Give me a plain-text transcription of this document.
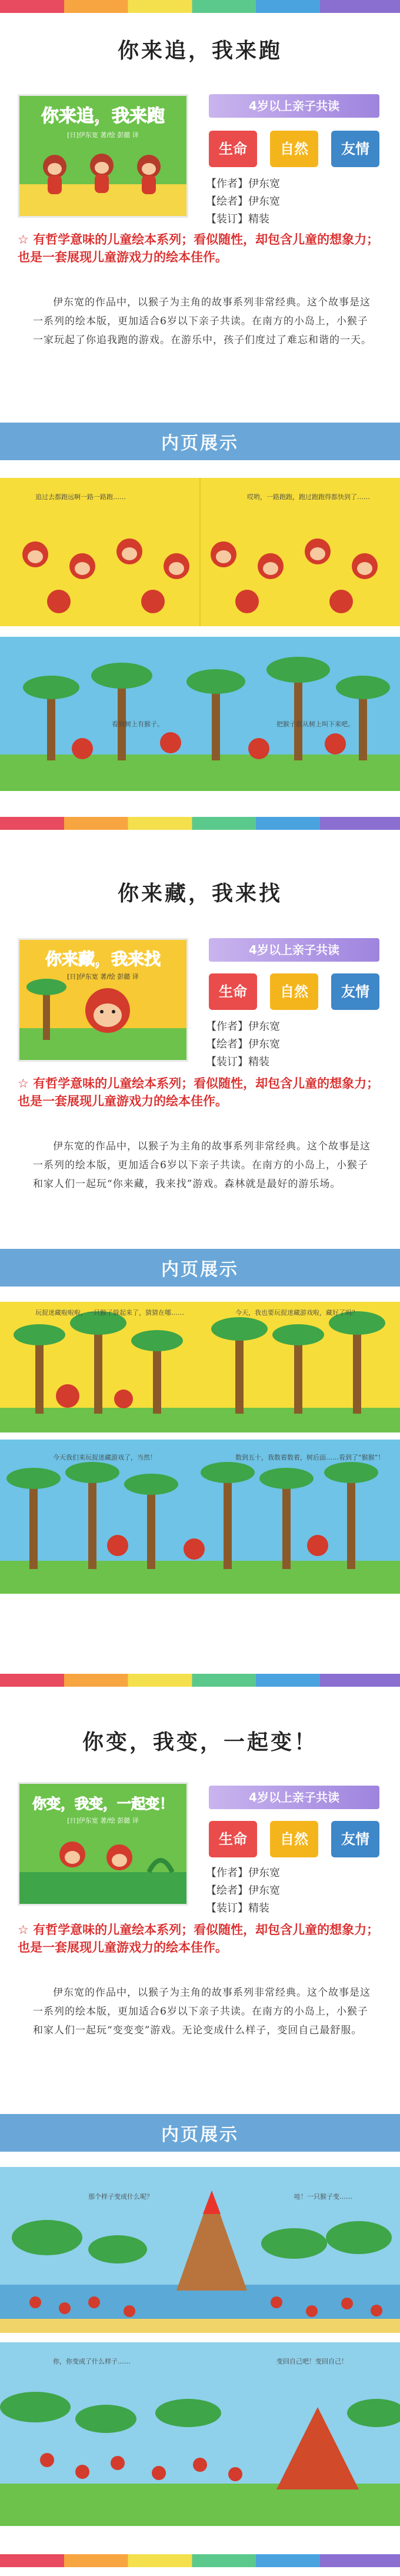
你来追，我来跑
你来追，我来跑
[日]伊东宽 著/绘 彭懿 译
4岁以上亲子共读
生命	自然	友情
【作者】伊东宽
【绘者】伊东宽
【装订】精装
☆ 有哲学意味的儿童绘本系列；看似随性，却包含儿童的想象力；也是一套展现儿童游戏力的绘本佳作。
伊东宽的作品中，以猴子为主角的故事系列非常经典。这个故事是这一系列的绘本版，更加适合6岁以下亲子共读。在南方的小岛上，小猴子一家玩起了你追我跑的游戏。在游乐中，孩子们度过了难忘和谐的一天。
内页展示
追过去都跑远啊一路一路跑……	哎哟，一路跑跑，跑过跑跑得都快到了……
看到树上有猴子。	把猴子都从树上叫下来吧。
你来藏，我来找
你来藏，我来找
[日]伊东宽 著/绘 彭懿 译
4岁以上亲子共读
生命	自然	友情
【作者】伊东宽
【绘者】伊东宽
【装订】精装
☆ 有哲学意味的儿童绘本系列；看似随性，却包含儿童的想象力；也是一套展现儿童游戏力的绘本佳作。
伊东宽的作品中，以猴子为主角的故事系列非常经典。这个故事是这一系列的绘本版，更加适合6岁以下亲子共读。在南方的小岛上，小猴子和家人们一起玩“你来藏，我来找”游戏。森林就是最好的游乐场。
内页展示
玩捉迷藏啦啦啦，一只猴子躲起来了，猜猜在哪……	今天，我也要玩捉迷藏游戏啦，藏好了吗？
今天我们来玩捉迷藏游戏了，当然！	数到五十，我数着数着，树后面……看到了“猴猴”！
你变，我变，一起变！
你变，我变，一起变！
[日]伊东宽 著/绘 彭懿 译
4岁以上亲子共读
生命	自然	友情
【作者】伊东宽
【绘者】伊东宽
【装订】精装
☆ 有哲学意味的儿童绘本系列；看似随性，却包含儿童的想象力；也是一套展现儿童游戏力的绘本佳作。
伊东宽的作品中，以猴子为主角的故事系列非常经典。这个故事是这一系列的绘本版，更加适合6岁以下亲子共读。在南方的小岛上，小猴子和家人们一起玩“变变变”游戏。无论变成什么样子，变回自己最舒服。
内页展示
那个样子变成什么呢？	哇！一只猴子变……
你，你变成了什么样子……	变回自己吧！变回自己！
